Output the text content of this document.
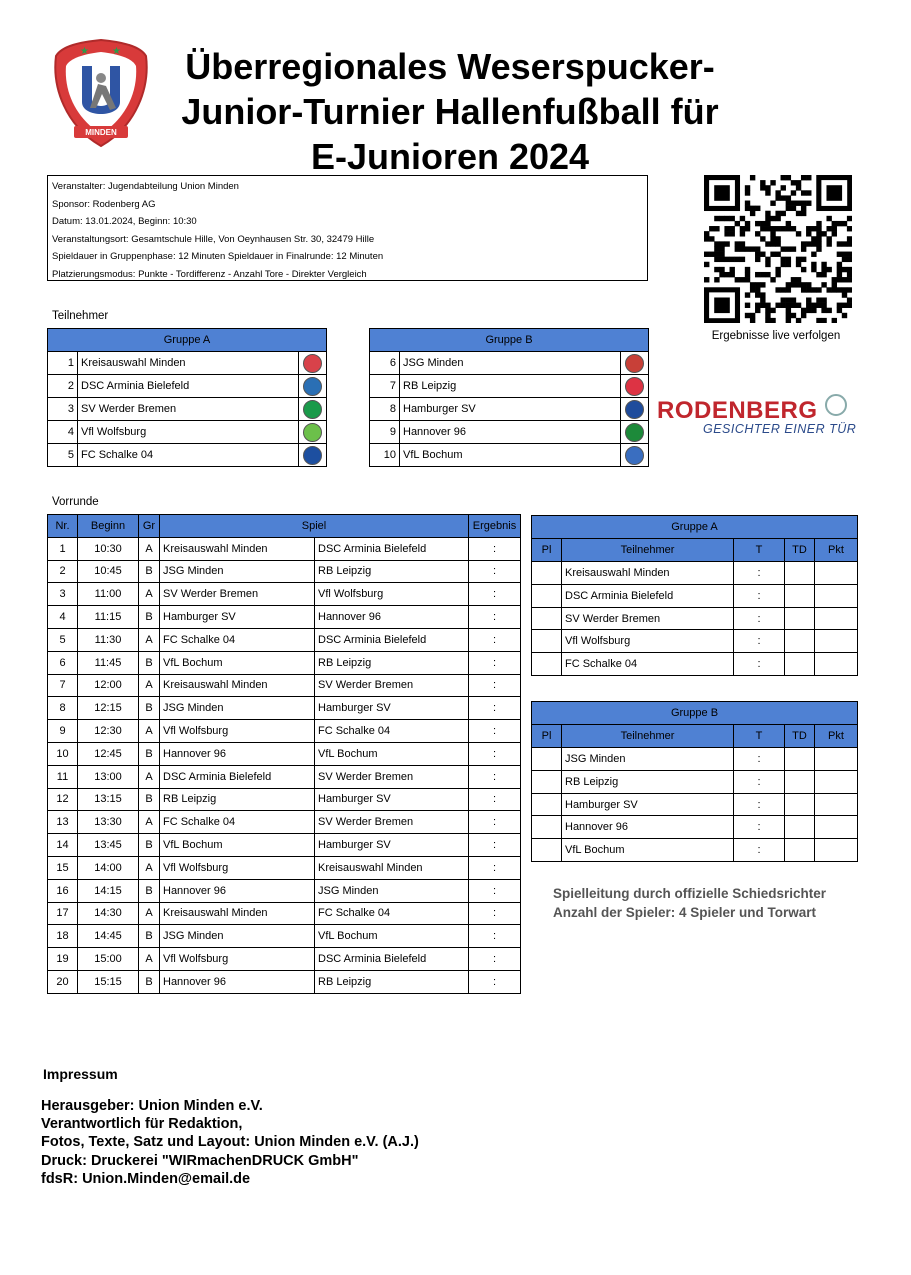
★ ★ ★
MINDEN
Überregionales Weserspucker-
Junior-Turnier Hallenfußball für
E-Junioren 2024
Veranstalter: Jugendabteilung Union Minden
Sponsor: Rodenberg AG
Datum: 13.01.2024, Beginn: 10:30
Veranstaltungsort: Gesamtschule Hille, Von Oeynhausen Str. 30, 32479 Hille
Spieldauer in Gruppenphase: 12 Minuten Spieldauer in Finalrunde: 12 Minuten
Platzierungsmodus: Punkte - Tordifferenz - Anzahl Tore - Direkter Vergleich
Ergebnisse live verfolgen
Teilnehmer
Gruppe A		
1	Kreisauswahl Minden	
2	DSC Arminia Bielefeld	
3	SV Werder Bremen	
4	Vfl Wolfsburg	
5	FC Schalke 04	
Gruppe B		
6	JSG Minden	
7	RB Leipzig	
8	Hamburger SV	
9	Hannover 96	
10	VfL Bochum	
RODENBERG
GESICHTER EINER TÜR
Vorrunde
Nr.	Beginn	Gr	Spiel		Ergebnis
1	10:30	A	Kreisauswahl Minden	DSC Arminia Bielefeld	:
2	10:45	B	JSG Minden	RB Leipzig	:
3	11:00	A	SV Werder Bremen	Vfl Wolfsburg	:
4	11:15	B	Hamburger SV	Hannover 96	:
5	11:30	A	FC Schalke 04	DSC Arminia Bielefeld	:
6	11:45	B	VfL Bochum	RB Leipzig	:
7	12:00	A	Kreisauswahl Minden	SV Werder Bremen	:
8	12:15	B	JSG Minden	Hamburger SV	:
9	12:30	A	Vfl Wolfsburg	FC Schalke 04	:
10	12:45	B	Hannover 96	VfL Bochum	:
11	13:00	A	DSC Arminia Bielefeld	SV Werder Bremen	:
12	13:15	B	RB Leipzig	Hamburger SV	:
13	13:30	A	FC Schalke 04	SV Werder Bremen	:
14	13:45	B	VfL Bochum	Hamburger SV	:
15	14:00	A	Vfl Wolfsburg	Kreisauswahl Minden	:
16	14:15	B	Hannover 96	JSG Minden	:
17	14:30	A	Kreisauswahl Minden	FC Schalke 04	:
18	14:45	B	JSG Minden	VfL Bochum	:
19	15:00	A	Vfl Wolfsburg	DSC Arminia Bielefeld	:
20	15:15	B	Hannover 96	RB Leipzig	:
Gruppe A				
Pl	Teilnehmer	T	TD	Pkt
	Kreisauswahl Minden	:		
	DSC Arminia Bielefeld	:		
	SV Werder Bremen	:		
	Vfl Wolfsburg	:		
	FC Schalke 04	:		
Gruppe B				
Pl	Teilnehmer	T	TD	Pkt
	JSG Minden	:		
	RB Leipzig	:		
	Hamburger SV	:		
	Hannover 96	:		
	VfL Bochum	:		
Spielleitung durch offizielle Schiedsrichter
Anzahl der Spieler: 4 Spieler und Torwart
Impressum
Herausgeber: Union Minden e.V.
Verantwortlich für Redaktion,
Fotos, Texte, Satz und Layout: Union Minden e.V. (A.J.)
Druck: Druckerei "WIRmachenDRUCK GmbH"
fdsR: Union.Minden@email.de
